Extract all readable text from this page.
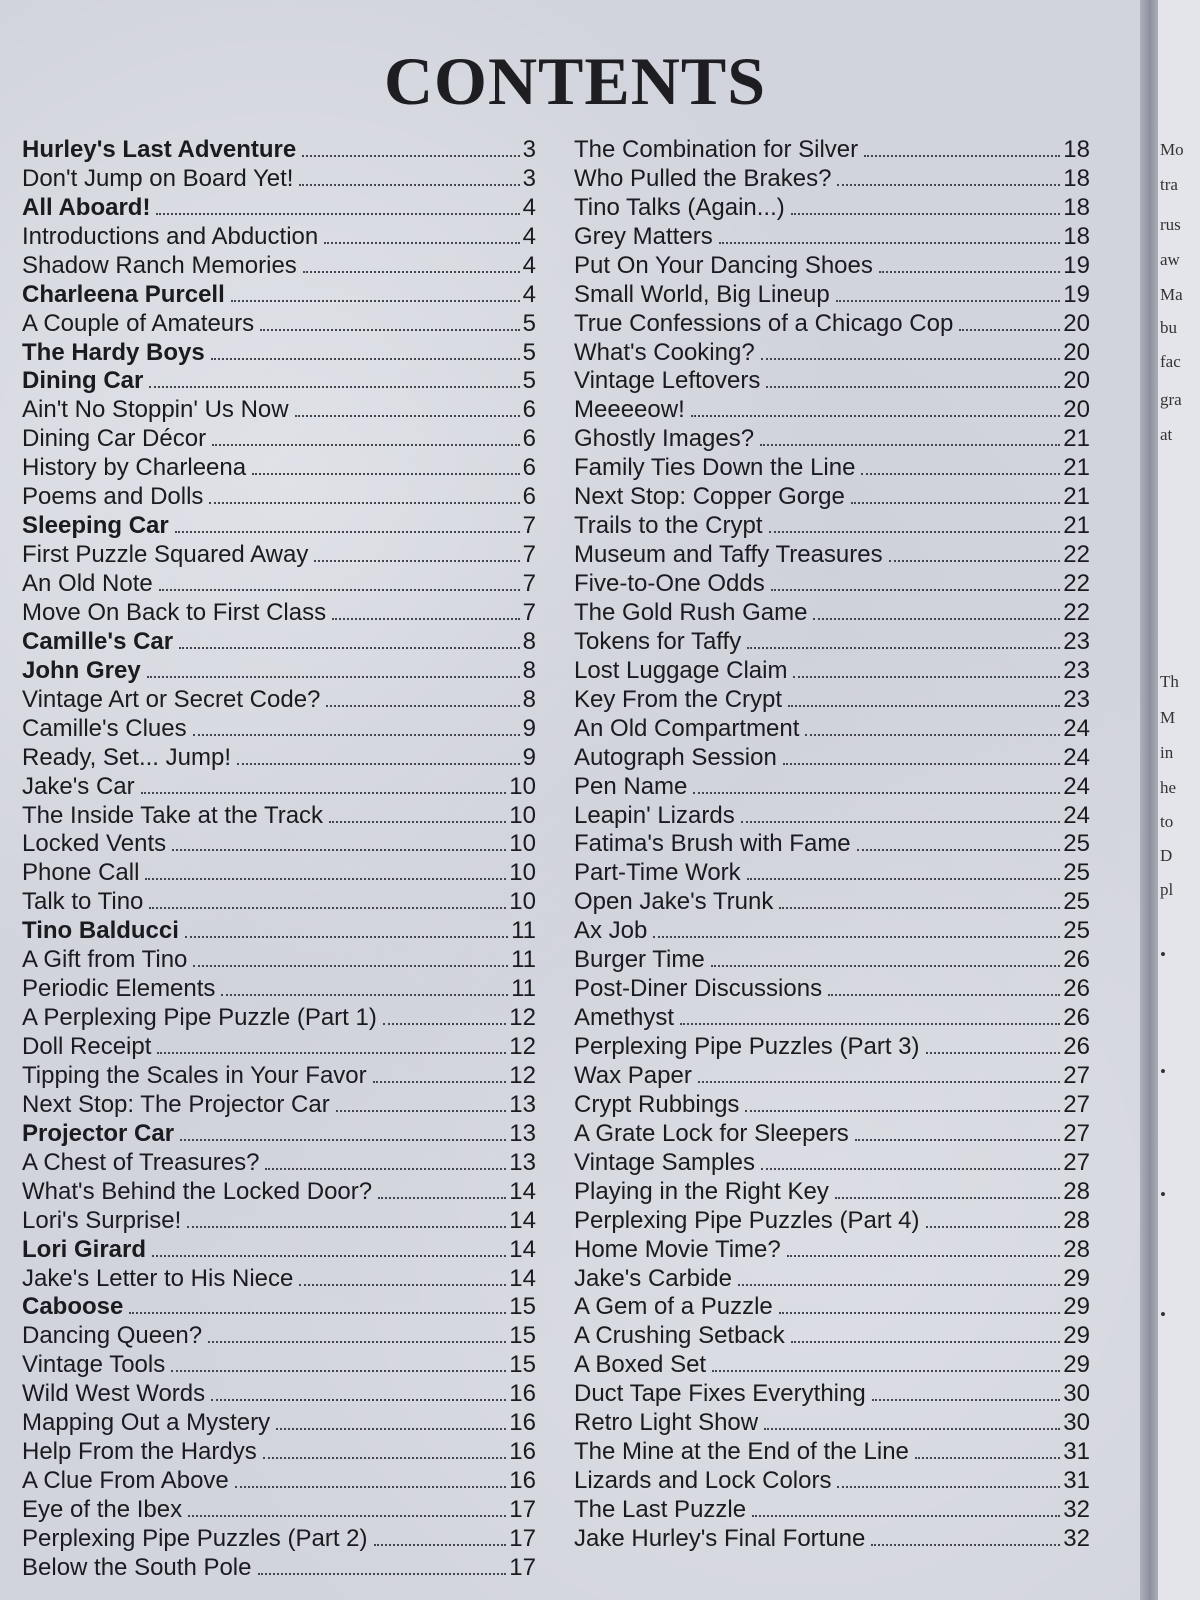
CONTENTS
Hurley's Last Adventure	3
Don't Jump on Board Yet!	3
All Aboard!	4
Introductions and Abduction	4
Shadow Ranch Memories	4
Charleena Purcell	4
A Couple of Amateurs	5
The Hardy Boys	5
Dining Car	5
Ain't No Stoppin' Us Now	6
Dining Car Décor	6
History by Charleena	6
Poems and Dolls	6
Sleeping Car	7
First Puzzle Squared Away	7
An Old Note	7
Move On Back to First Class	7
Camille's Car	8
John Grey	8
Vintage Art or Secret Code?	8
Camille's Clues	9
Ready, Set... Jump!	9
Jake's Car	10
The Inside Take at the Track	10
Locked Vents	10
Phone Call	10
Talk to Tino	10
Tino Balducci	11
A Gift from Tino	11
Periodic Elements	11
A Perplexing Pipe Puzzle (Part 1)	12
Doll Receipt	12
Tipping the Scales in Your Favor	12
Next Stop: The Projector Car	13
Projector Car	13
A Chest of Treasures?	13
What's Behind the Locked Door?	14
Lori's Surprise!	14
Lori Girard	14
Jake's Letter to His Niece	14
Caboose	15
Dancing Queen?	15
Vintage Tools	15
Wild West Words	16
Mapping Out a Mystery	16
Help From the Hardys	16
A Clue From Above	16
Eye of the Ibex	17
Perplexing Pipe Puzzles (Part 2)	17
Below the South Pole	17
The Combination for Silver	18
Who Pulled the Brakes?	18
Tino Talks (Again...)	18
Grey Matters	18
Put On Your Dancing Shoes	19
Small World, Big Lineup	19
True Confessions of a Chicago Cop	20
What's Cooking?	20
Vintage Leftovers	20
Meeeeow!	20
Ghostly Images?	21
Family Ties Down the Line	21
Next Stop: Copper Gorge	21
Trails to the Crypt	21
Museum and Taffy Treasures	22
Five-to-One Odds	22
The Gold Rush Game	22
Tokens for Taffy	23
Lost Luggage Claim	23
Key From the Crypt	23
An Old Compartment	24
Autograph Session	24
Pen Name	24
Leapin' Lizards	24
Fatima's Brush with Fame	25
Part-Time Work	25
Open Jake's Trunk	25
Ax Job	25
Burger Time	26
Post-Diner Discussions	26
Amethyst	26
Perplexing Pipe Puzzles (Part 3)	26
Wax Paper	27
Crypt Rubbings	27
A Grate Lock for Sleepers	27
Vintage Samples	27
Playing in the Right Key	28
Perplexing Pipe Puzzles (Part 4)	28
Home Movie Time?	28
Jake's Carbide	29
A Gem of a Puzzle	29
A Crushing Setback	29
A Boxed Set	29
Duct Tape Fixes Everything	30
Retro Light Show	30
The Mine at the End of the Line	31
Lizards and Lock Colors	31
The Last Puzzle	32
Jake Hurley's Final Fortune	32
Mo
tra
rus
aw
Ma
bu
fac
gra
at
Th
M
in
he
to
D
pl
•
•
•
•
